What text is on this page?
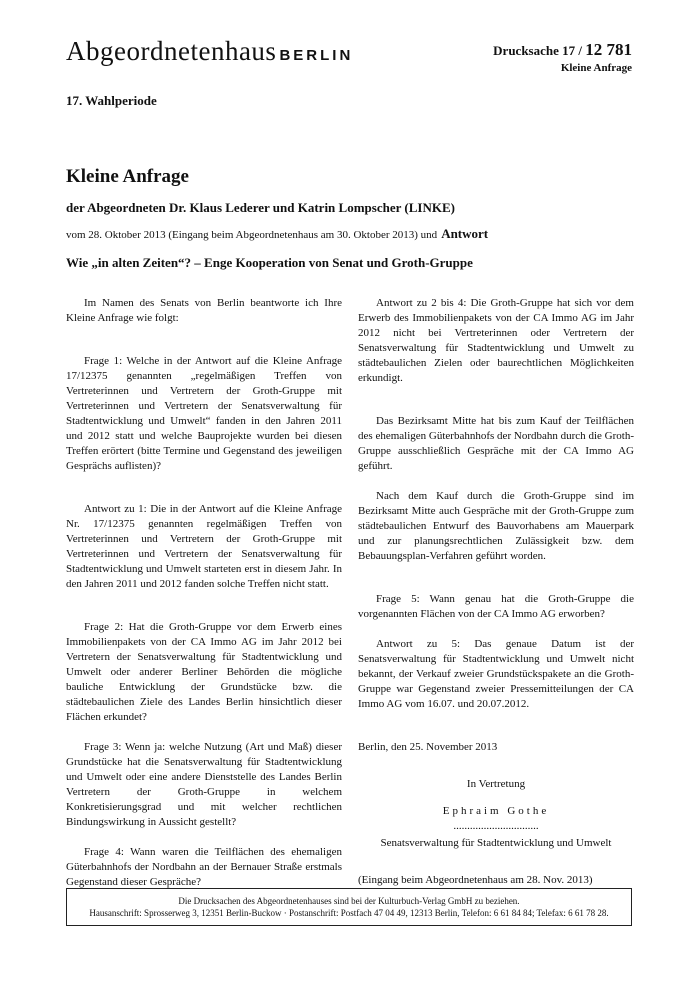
Abgeordnetenhaus BERLIN
17. Wahlperiode
Drucksache 17 / 12 781
Kleine Anfrage
Kleine Anfrage
der Abgeordneten Dr. Klaus Lederer und Katrin Lompscher (LINKE)
vom 28. Oktober 2013 (Eingang beim Abgeordnetenhaus am 30. Oktober 2013) und Antwort
Wie „in alten Zeiten“? – Enge Kooperation von Senat und Groth-Gruppe

Im Namen des Senats von Berlin beantworte ich Ihre Kleine Anfrage wie folgt:

Frage 1: Welche in der Antwort auf die Kleine Anfrage 17/12375 genannten „regelmäßigen Treffen von Vertreterinnen und Vertretern der Groth-Gruppe mit Vertreterinnen und Vertretern der Senatsverwaltung für Stadtentwicklung und Umwelt“ fanden in den Jahren 2011 und 2012 statt und welche Bauprojekte wurden bei diesen Treffen erörtert (bitte Termine und Gegenstand des jeweiligen Gesprächs auflisten)?

Antwort zu 1: Die in der Antwort auf die Kleine Anfrage Nr. 17/12375 genannten regelmäßigen Treffen von Vertreterinnen und Vertretern der Groth-Gruppe mit Vertreterinnen und Vertretern der Senatsverwaltung für Stadtentwicklung und Umwelt starteten erst in diesem Jahr. In den Jahren 2011 und 2012 fanden solche Treffen nicht statt.

Frage 2: Hat die Groth-Gruppe vor dem Erwerb eines Immobilienpakets von der CA Immo AG im Jahr 2012 bei Vertretern der Senatsverwaltung für Stadtentwicklung und Umwelt oder anderer Berliner Behörden die mögliche bauliche Entwicklung der Grundstücke bzw. die städtebaulichen Ziele des Landes Berlin hinsichtlich dieser Flächen erkundet?

Frage 3: Wenn ja: welche Nutzung (Art und Maß) dieser Grundstücke hat die Senatsverwaltung für Stadtentwicklung und Umwelt oder eine andere Dienststelle des Landes Berlin Vertretern der Groth-Gruppe in welchem Konkretisierungsgrad und mit welcher rechtlichen Bindungswirkung in Aussicht gestellt?

Frage 4: Wann waren die Teilflächen des ehemaligen Güterbahnhofs der Nordbahn an der Bernauer Straße erstmals Gegenstand dieser Gespräche?

Antwort zu 2 bis 4: Die Groth-Gruppe hat sich vor dem Erwerb des Immobilienpakets von der CA Immo AG im Jahr 2012 nicht bei Vertreterinnen oder Vertretern der Senatsverwaltung für Stadtentwicklung und Umwelt zu städtebaulichen Zielen oder baurechtlichen Möglichkeiten erkundigt.

Das Bezirksamt Mitte hat bis zum Kauf der Teilflächen des ehemaligen Güterbahnhofs der Nordbahn durch die Groth-Gruppe ausschließlich Gespräche mit der CA Immo AG geführt.

Nach dem Kauf durch die Groth-Gruppe sind im Bezirksamt Mitte auch Gespräche mit der Groth-Gruppe zum städtebaulichen Entwurf des Bauvorhabens am Mauerpark und zur planungsrechtlichen Zulässigkeit bzw. dem Bebauungsplan-Verfahren geführt worden.

Frage 5: Wann genau hat die Groth-Gruppe die vorgenannten Flächen von der CA Immo AG erworben?

Antwort zu 5: Das genaue Datum ist der Senatsverwaltung für Stadtentwicklung und Umwelt nicht bekannt, der Verkauf zweier Grundstückspakete an die Groth-Gruppe war Gegenstand zweier Pressemitteilungen der CA Immo AG vom 16.07. und 20.07.2012.

Berlin, den 25. November 2013

In Vertretung
Ephraim Gothe
...............................
Senatsverwaltung für Stadtentwicklung und Umwelt
(Eingang beim Abgeordnetenhaus am 28. Nov. 2013)
Die Drucksachen des Abgeordnetenhauses sind bei der Kulturbuch-Verlag GmbH zu beziehen.
Hausanschrift: Sprosserweg 3, 12351 Berlin-Buckow · Postanschrift: Postfach 47 04 49, 12313 Berlin, Telefon: 6 61 84 84; Telefax: 6 61 78 28.
